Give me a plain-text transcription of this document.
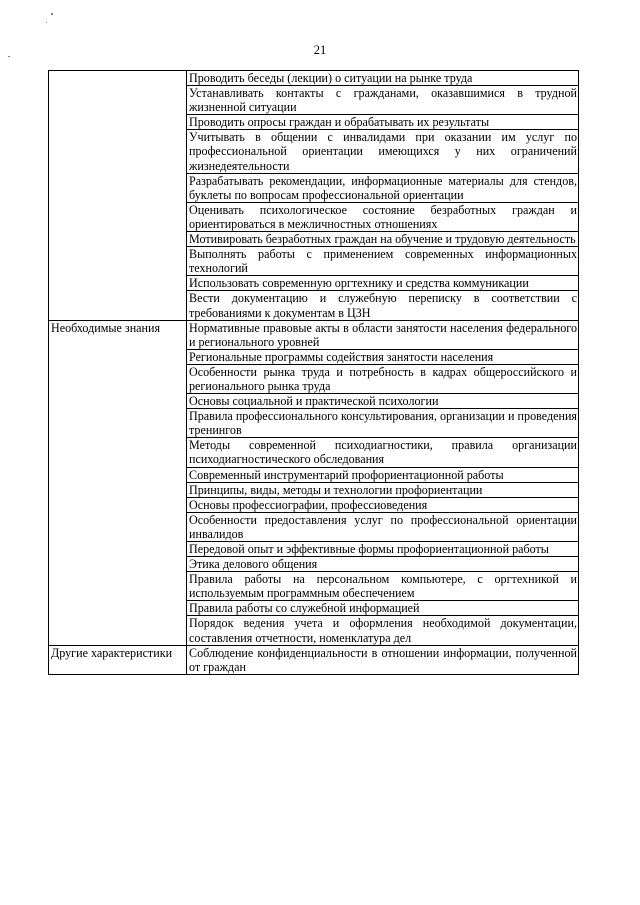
21
	Проводить беседы (лекции) о ситуации на рынке труда
	Устанавливать контакты с гражданами, оказавшимися в трудной жизненной ситуации
	Проводить опросы граждан и обрабатывать их результаты
	Учитывать в общении с инвалидами при оказании им услуг по профессиональной ориентации имеющихся у них ограничений жизнедеятельности
	Разрабатывать рекомендации, информационные материалы для стендов, буклеты по вопросам профессиональной ориентации
	Оценивать психологическое состояние безработных граждан и ориентироваться в межличностных отношениях
	Мотивировать безработных граждан на обучение и трудовую деятельность
	Выполнять работы с применением современных информационных технологий
	Использовать современную оргтехнику и средства коммуникации
	Вести документацию и служебную переписку в соответствии с требованиями к документам в ЦЗН
Необходимые знания	Нормативные правовые акты в области занятости населения федерального и регионального уровней
	Региональные программы содействия занятости населения
	Особенности рынка труда и потребность в кадрах общероссийского и регионального рынка труда
	Основы социальной и практической психологии
	Правила профессионального консультирования, организации и проведения тренингов
	Методы современной психодиагностики, правила организации психодиагностического обследования
	Современный инструментарий профориентационной работы
	Принципы, виды, методы и технологии профориентации
	Основы профессиографии, профессиоведения
	Особенности предоставления услуг по профессиональной ориентации инвалидов
	Передовой опыт и эффективные формы профориентационной работы
	Этика делового общения
	Правила работы на персональном компьютере, с оргтехникой и используемым программным обеспечением
	Правила работы со служебной информацией
	Порядок ведения учета и оформления необходимой документации, составления отчетности, номенклатура дел
Другие характеристики	Соблюдение конфиденциальности в отношении информации, полученной от граждан
